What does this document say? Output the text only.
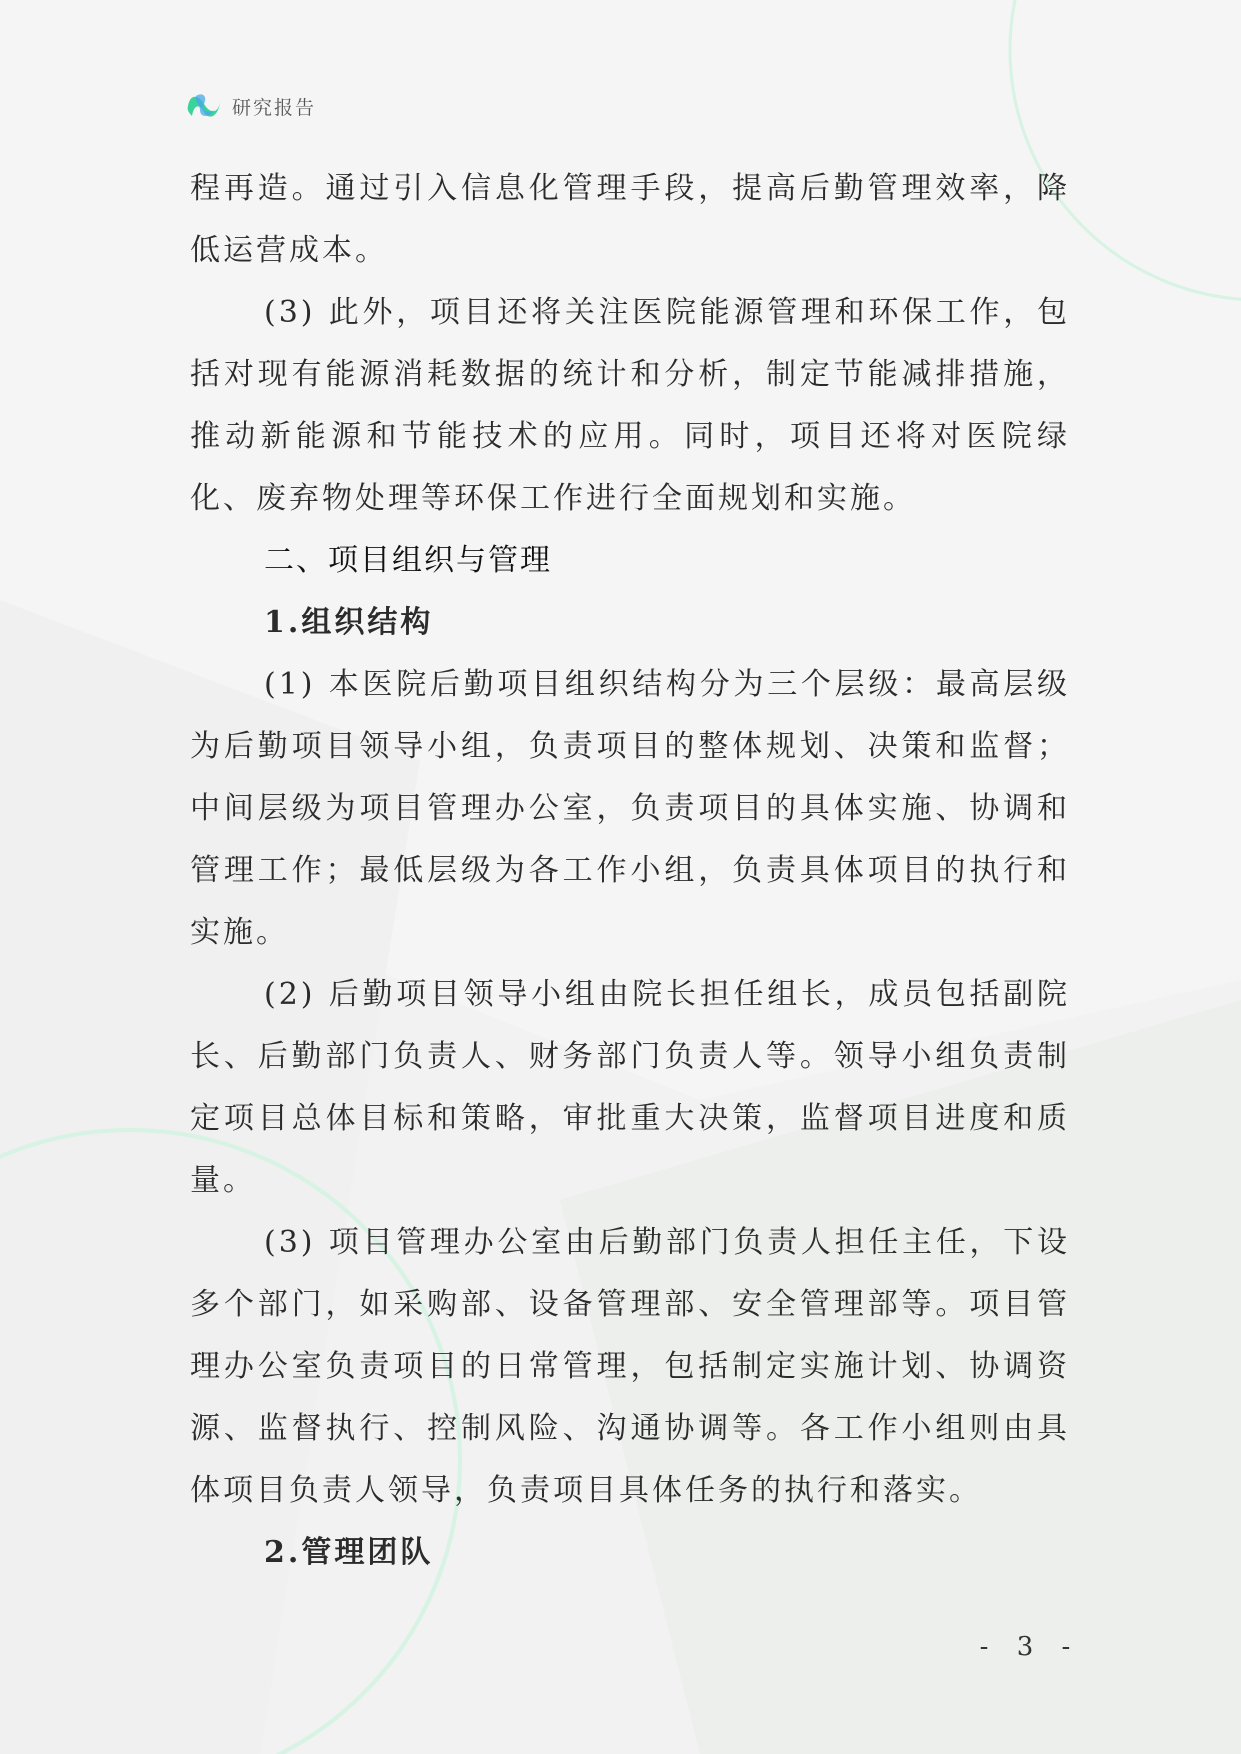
研究报告

程再造。通过引入信息化管理手段，提高后勤管理效率，降低运营成本。

(3) 此外，项目还将关注医院能源管理和环保工作，包括对现有能源消耗数据的统计和分析，制定节能减排措施，推动新能源和节能技术的应用。同时，项目还将对医院绿化、废弃物处理等环保工作进行全面规划和实施。

二、项目组织与管理
1.组织结构

(1) 本医院后勤项目组织结构分为三个层级：最高层级为后勤项目领导小组，负责项目的整体规划、决策和监督；中间层级为项目管理办公室，负责项目的具体实施、协调和管理工作；最低层级为各工作小组，负责具体项目的执行和实施。

(2) 后勤项目领导小组由院长担任组长，成员包括副院长、后勤部门负责人、财务部门负责人等。领导小组负责制定项目总体目标和策略，审批重大决策，监督项目进度和质量。

(3) 项目管理办公室由后勤部门负责人担任主任，下设多个部门，如采购部、设备管理部、安全管理部等。项目管理办公室负责项目的日常管理，包括制定实施计划、协调资源、监督执行、控制风险、沟通协调等。各工作小组则由具体项目负责人领导，负责项目具体任务的执行和落实。

2.管理团队
- 3 -
